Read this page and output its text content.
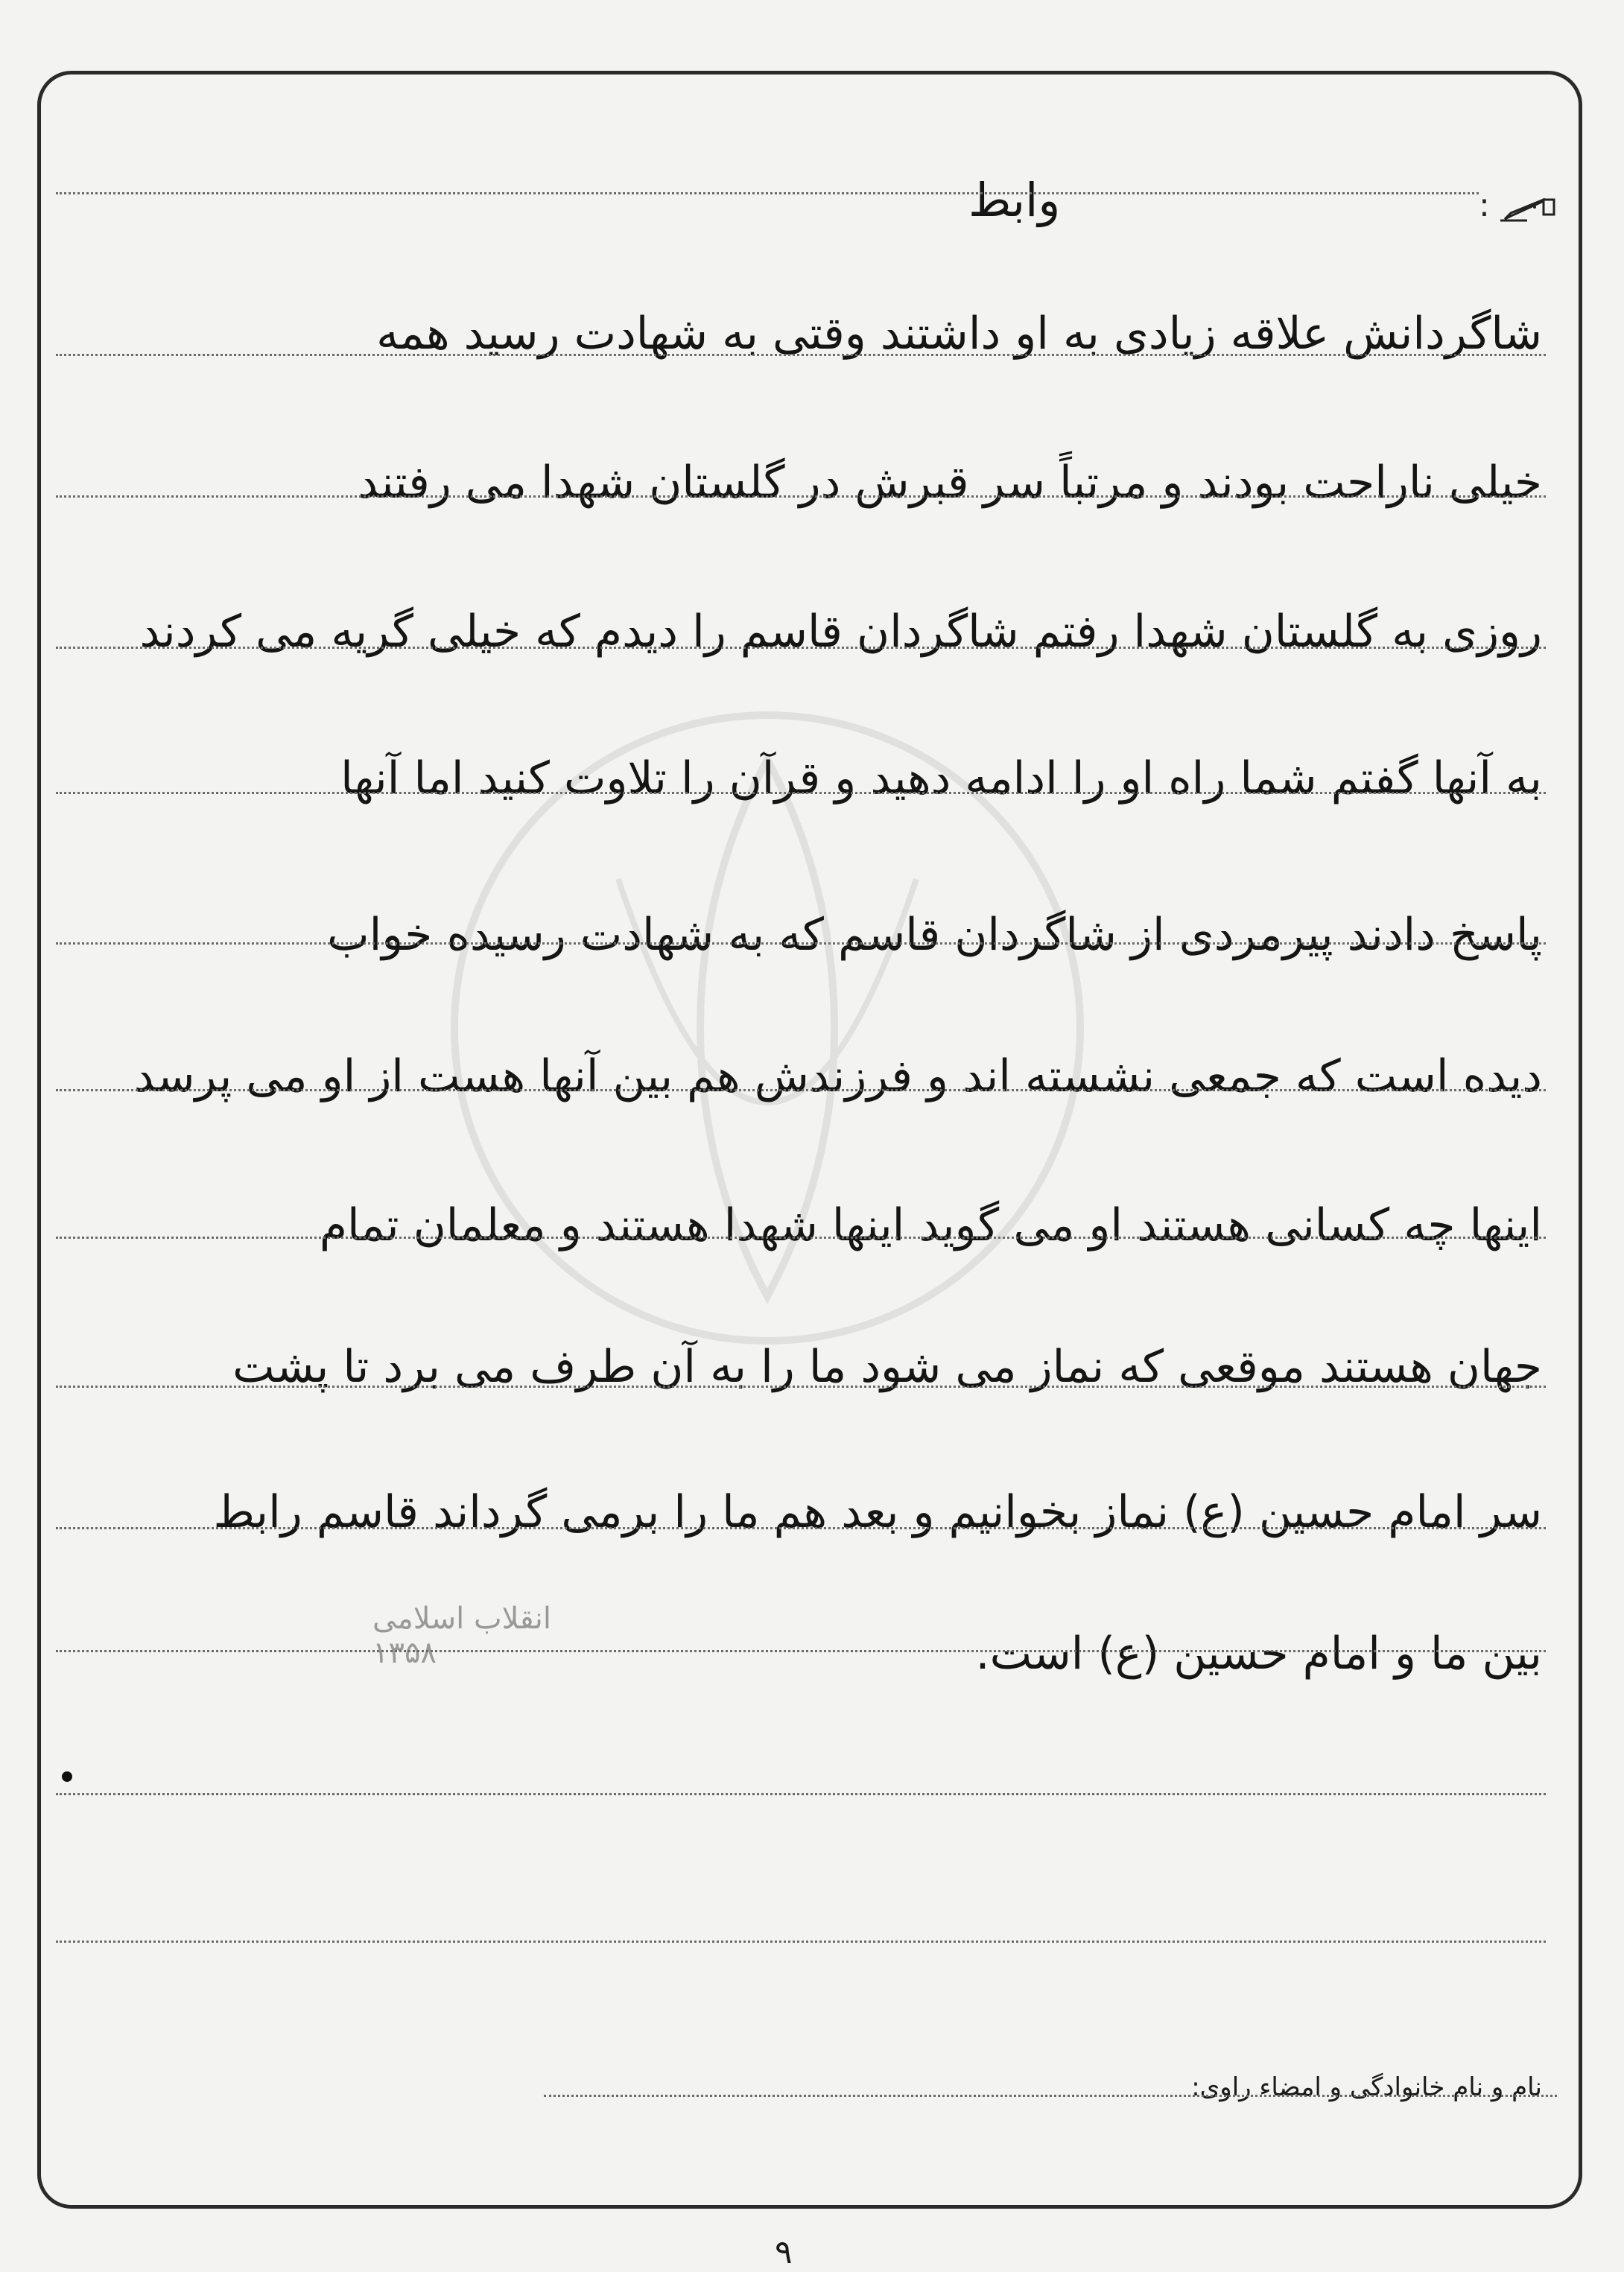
انقلاب اسلامی
۱۳۵۸
:
وابط
شاگردانش علاقه زیادی به او داشتند وقتی به شهادت رسید همه
خیلی ناراحت بودند و مرتباً سر قبرش در گلستان شهدا می رفتند
روزی به گلستان شهدا رفتم شاگردان قاسم را دیدم که خیلی گریه می کردند
به آنها گفتم شما راه او را ادامه دهید و قرآن را تلاوت کنید اما آنها
پاسخ دادند پیرمردی از شاگردان قاسم که به شهادت رسیده خواب
دیده است که جمعی نشسته اند و فرزندش هم بین آنها هست از او می پرسد
اینها چه کسانی هستند او می گوید اینها شهدا هستند و معلمان تمام
جهان هستند موقعی که نماز می شود ما را به آن طرف می برد تا پشت
سر امام حسین (ع) نماز بخوانیم و بعد هم ما را برمی گرداند قاسم رابط
بین ما و امام حسین (ع) است.
نام و نام خانوادگی و امضاء راوی:
۹
